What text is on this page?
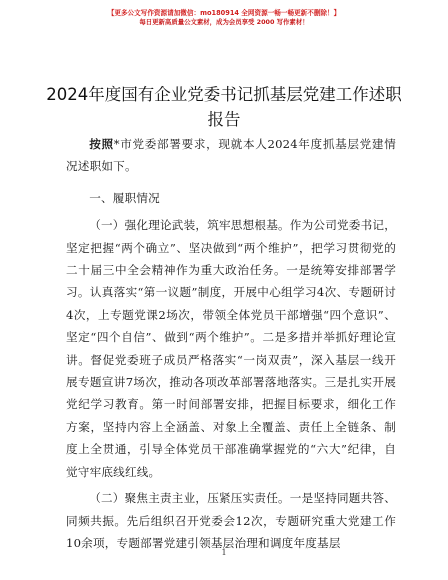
【更多公文写作资源请加微信：mo180914 全网资源一畅一畅更新不删除！】
每日更新高质量公文素材，成为会员享受 2000 写作素材！
2024年度国有企业党委书记抓基层党建工作述职报告

按照*市党委部署要求，现就本人2024年度抓基层党建情况述职如下。

一、履职情况

（一）强化理论武装，筑牢思想根基。作为公司党委书记，坚定把握“两个确立”、坚决做到“两个维护”，把学习贯彻党的二十届三中全会精神作为重大政治任务。一是统筹安排部署学习。认真落实“第一议题”制度，开展中心组学习4次、专题研讨4次，上专题党课2场次，带领全体党员干部增强“四个意识”、坚定“四个自信”、做到“两个维护”。二是多措并举抓好理论宣讲。督促党委班子成员严格落实“一岗双责”，深入基层一线开展专题宣讲7场次，推动各项改革部署落地落实。三是扎实开展党纪学习教育。第一时间部署安排，把握目标要求，细化工作方案，坚持内容上全涵盖、对象上全覆盖、责任上全链条、制度上全贯通，引导全体党员干部准确掌握党的“六大”纪律，自觉守牢底线红线。

（二）聚焦主责主业，压紧压实责任。一是坚持同题共答、同频共振。先后组织召开党委会12次，专题研究重大党建工作10余项，专题部署党建引领基层治理和调度年度基层

1
